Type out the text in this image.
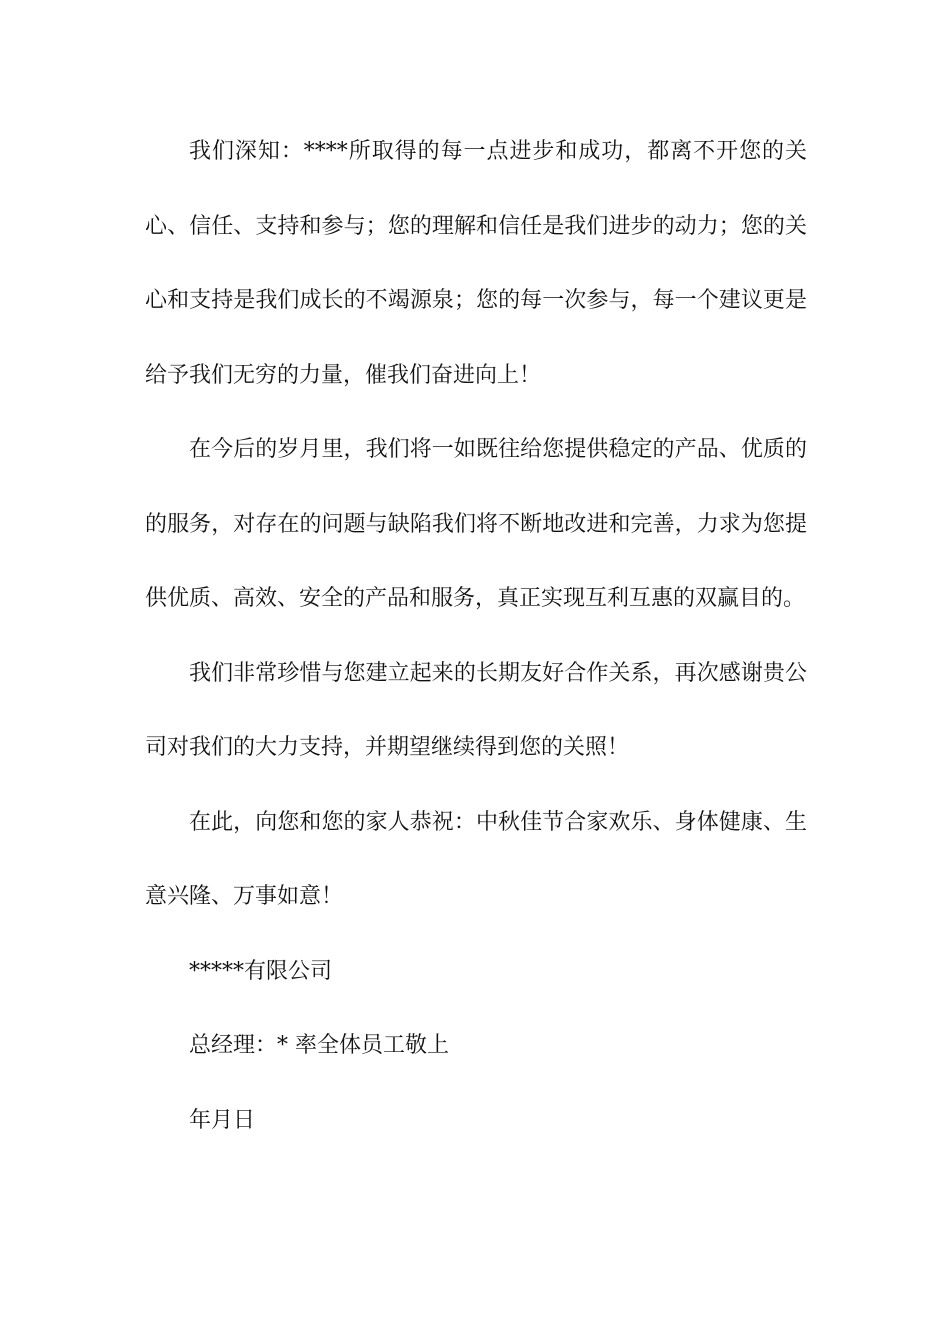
我们深知：****所取得的每一点进步和成功，都离不开您的关心、信任、支持和参与；您的理解和信任是我们进步的动力；您的关心和支持是我们成长的不竭源泉；您的每一次参与，每一个建议更是给予我们无穷的力量，催我们奋进向上！

在今后的岁月里，我们将一如既往给您提供稳定的产品、优质的的服务，对存在的问题与缺陷我们将不断地改进和完善，力求为您提供优质、高效、安全的产品和服务，真正实现互利互惠的双赢目的。

我们非常珍惜与您建立起来的长期友好合作关系，再次感谢贵公司对我们的大力支持，并期望继续得到您的关照！

在此，向您和您的家人恭祝：中秋佳节合家欢乐、身体健康、生意兴隆、万事如意！

*****有限公司

总经理：* 率全体员工敬上

年月日
